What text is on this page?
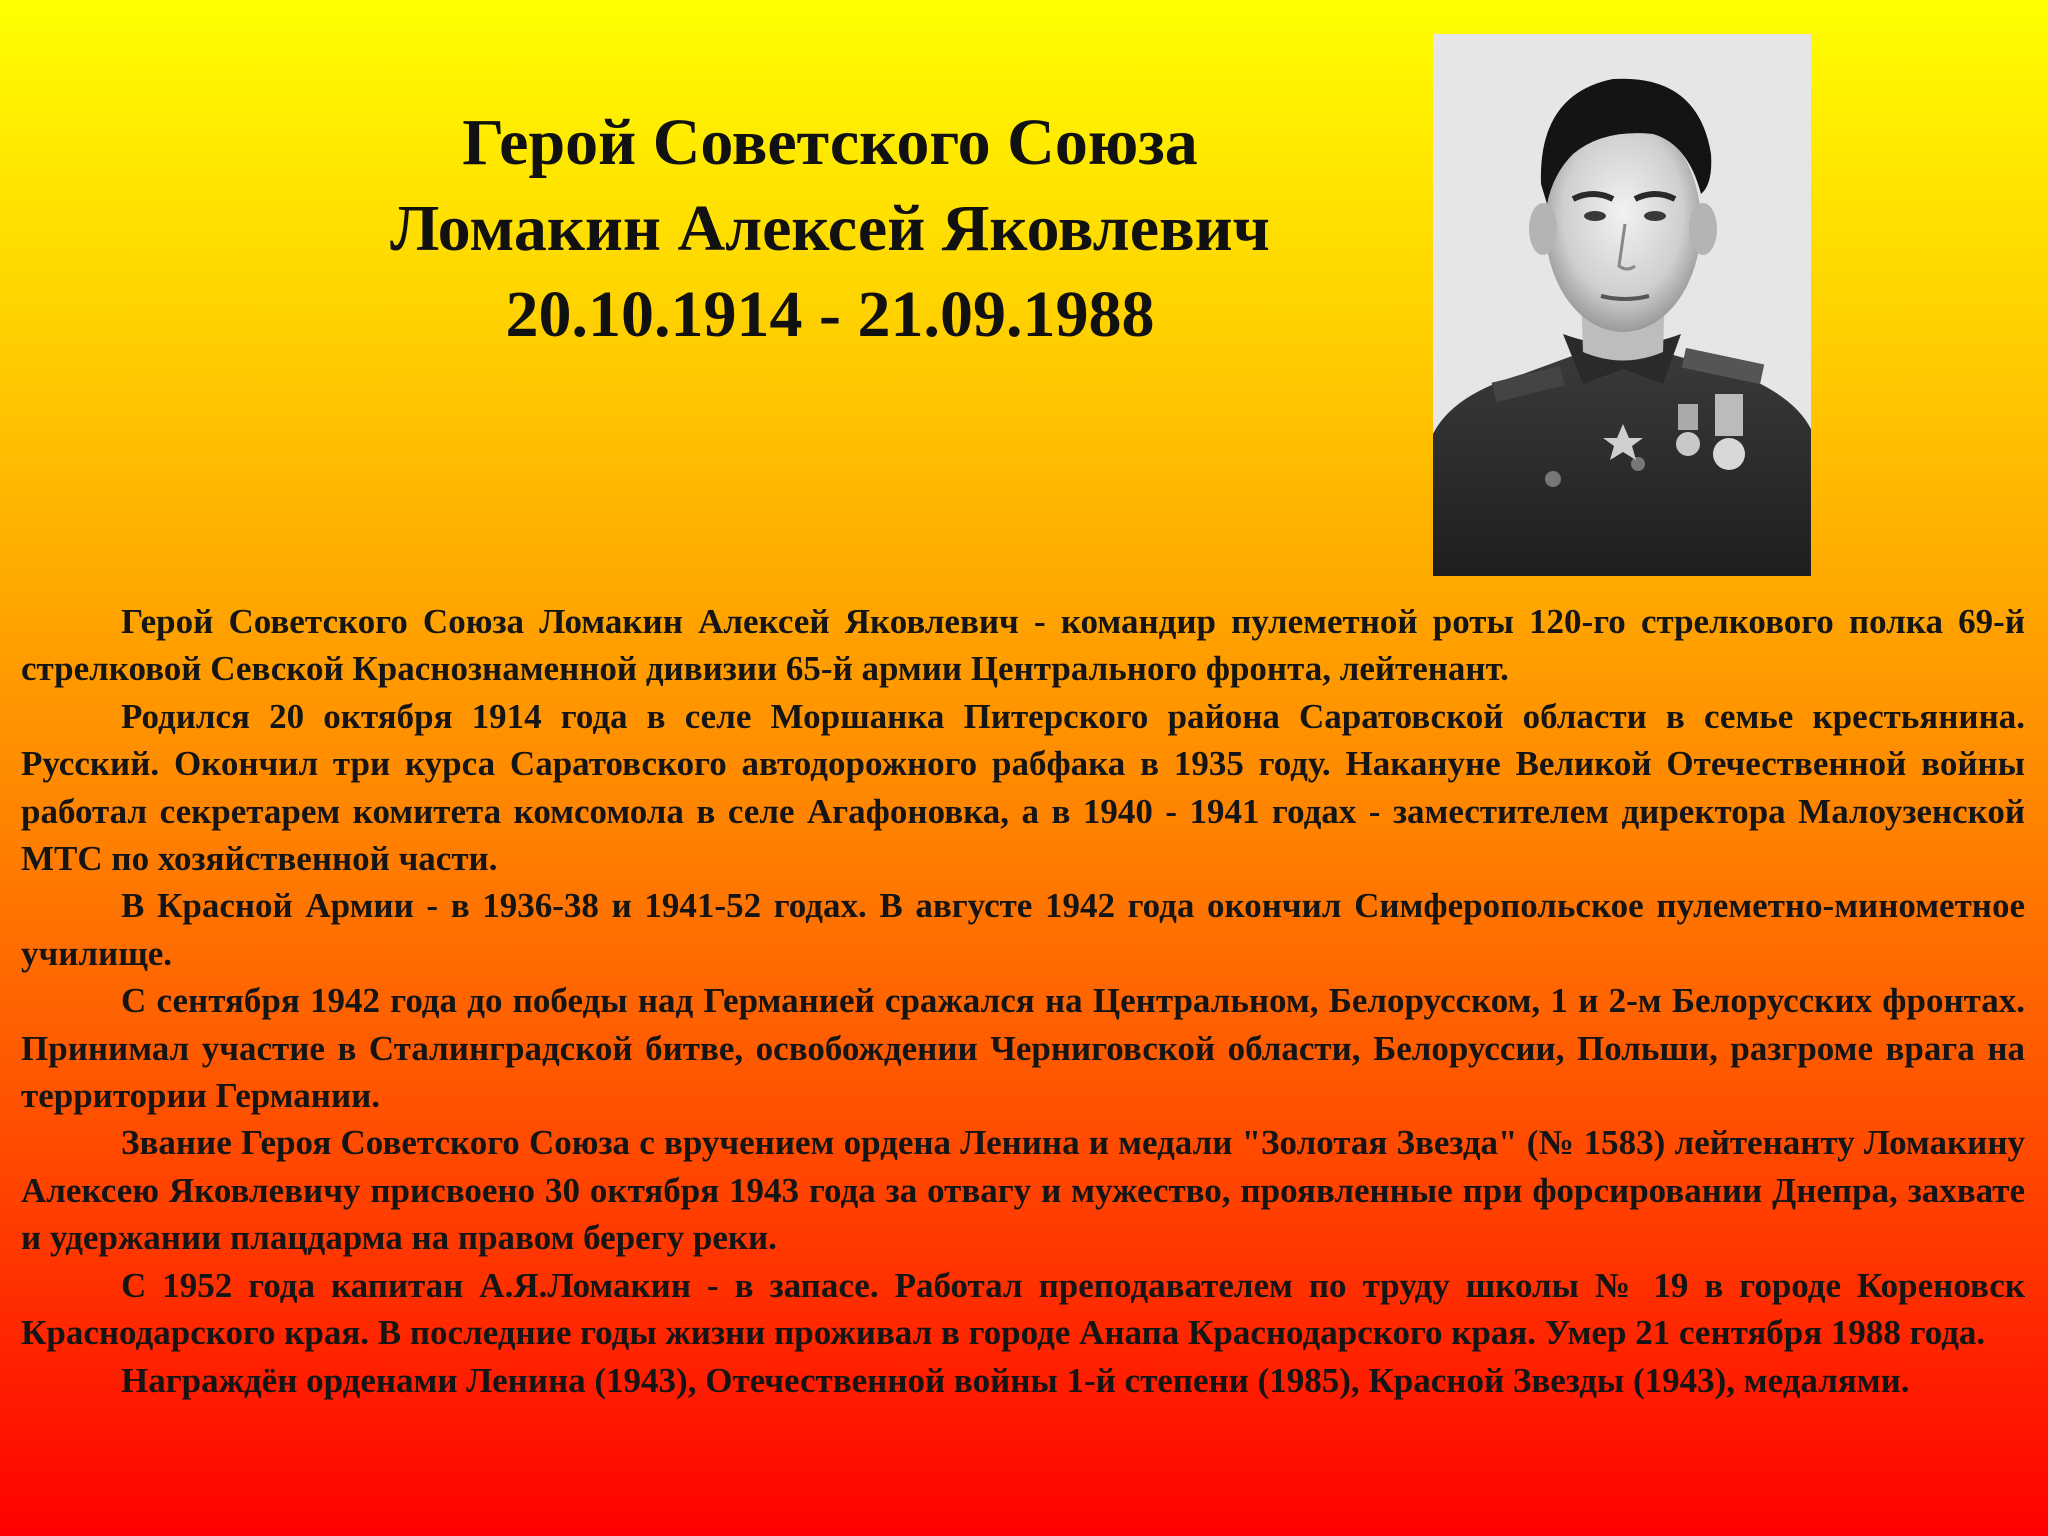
Герой Советского Союза
Ломакин Алексей Яковлевич
20.10.1914 - 21.09.1988

Герой Советского Союза Ломакин Алексей Яковлевич - командир пулеметной роты 120-го стрелкового полка 69-й стрелковой Севской Краснознаменной дивизии 65-й армии Центрального фронта, лейтенант.

Родился 20 октября 1914 года в селе Моршанка Питерского района Саратовской области в семье крестьянина. Русский. Окончил три курса Саратовского автодорожного рабфака в 1935 году. Накануне Великой Отечественной войны работал секретарем комитета комсомола в селе Агафоновка, а в 1940 - 1941 годах - заместителем директора Малоузенской МТС по хозяйственной части.

В Красной Армии - в 1936-38 и 1941-52 годах. В августе 1942 года окончил Симферопольское пулеметно-минометное училище.

С сентября 1942 года до победы над Германией сражался на Центральном, Белорусском, 1 и 2-м Белорусских фронтах. Принимал участие в Сталинградской битве, освобождении Черниговской области, Белоруссии, Польши, разгроме врага на территории Германии.

Звание Героя Советского Союза с вручением ордена Ленина и медали "Золотая Звезда" (№ 1583) лейтенанту Ломакину Алексею Яковлевичу присвоено 30 октября 1943 года за отвагу и мужество, проявленные при форсировании Днепра, захвате и удержании плацдарма на правом берегу реки.

С 1952 года капитан А.Я.Ломакин - в запасе. Работал преподавателем по труду школы № 19 в городе Кореновск Краснодарского края. В последние годы жизни проживал в городе Анапа Краснодарского края. Умер 21 сентября 1988 года.

Награждён орденами Ленина (1943), Отечественной войны 1-й степени (1985), Красной Звезды (1943), медалями.
